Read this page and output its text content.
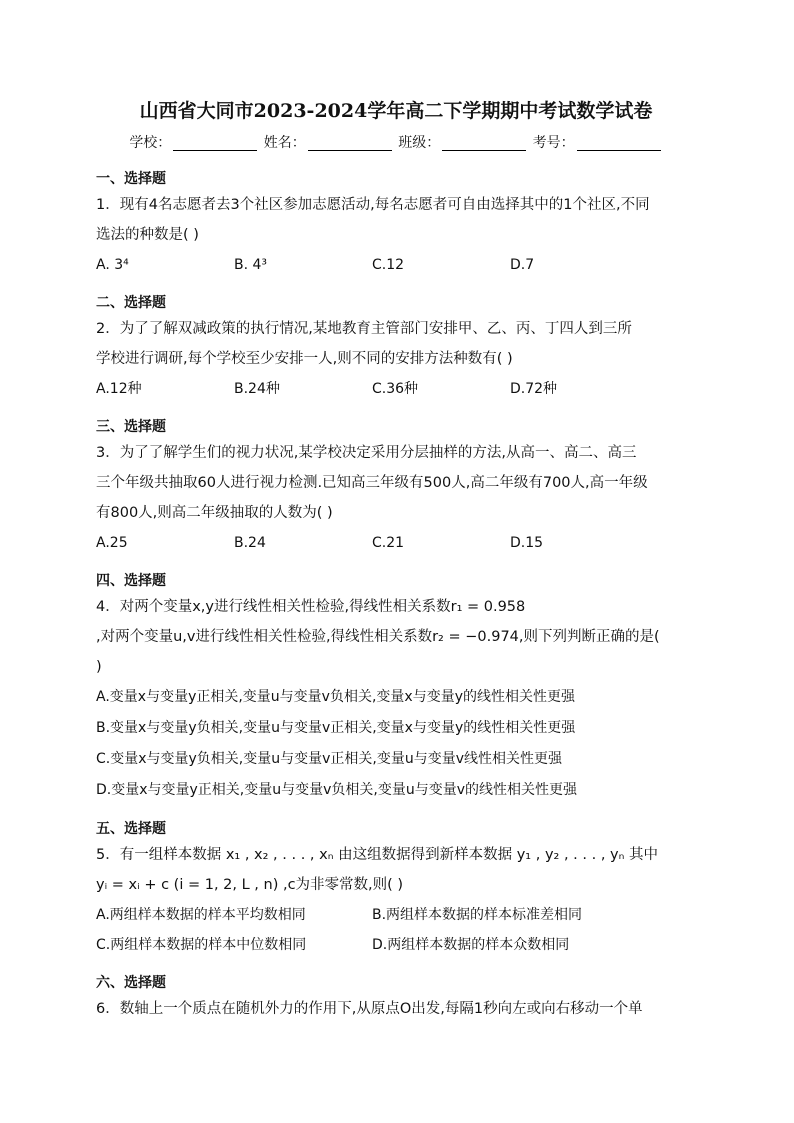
山西省大同市2023-2024学年高二下学期期中考试数学试卷
学校：	姓名：	班级：	考号：
一、选择题
1．现有4名志愿者去3个社区参加志愿活动,每名志愿者可自由选择其中的1个社区,不同
选法的种数是( )
A. 3⁴	B. 4³	C.12	D.7
二、选择题
2．为了了解双减政策的执行情况,某地教育主管部门安排甲、乙、丙、丁四人到三所
学校进行调研,每个学校至少安排一人,则不同的安排方法种数有( )
A.12种	B.24种	C.36种	D.72种
三、选择题
3．为了了解学生们的视力状况,某学校决定采用分层抽样的方法,从高一、高二、高三
三个年级共抽取60人进行视力检测.已知高三年级有500人,高二年级有700人,高一年级
有800人,则高二年级抽取的人数为( )
A.25	B.24	C.21	D.15
四、选择题
4．对两个变量x,y进行线性相关性检验,得线性相关系数r₁ = 0.958
,对两个变量u,v进行线性相关性检验,得线性相关系数r₂ = −0.974,则下列判断正确的是(
)
A.变量x与变量y正相关,变量u与变量v负相关,变量x与变量y的线性相关性更强
B.变量x与变量y负相关,变量u与变量v正相关,变量x与变量y的线性相关性更强
C.变量x与变量y负相关,变量u与变量v正相关,变量u与变量v线性相关性更强
D.变量x与变量y正相关,变量u与变量v负相关,变量u与变量v的线性相关性更强
五、选择题
5．有一组样本数据 x₁ , x₂ , . . . , xₙ 由这组数据得到新样本数据 y₁ , y₂ , . . . , yₙ 其中
yᵢ = xᵢ + c (i = 1, 2, L , n) ,c为非零常数,则( )
A.两组样本数据的样本平均数相同	B.两组样本数据的样本标准差相同
C.两组样本数据的样本中位数相同	D.两组样本数据的样本众数相同
六、选择题
6．数轴上一个质点在随机外力的作用下,从原点O出发,每隔1秒向左或向右移动一个单
